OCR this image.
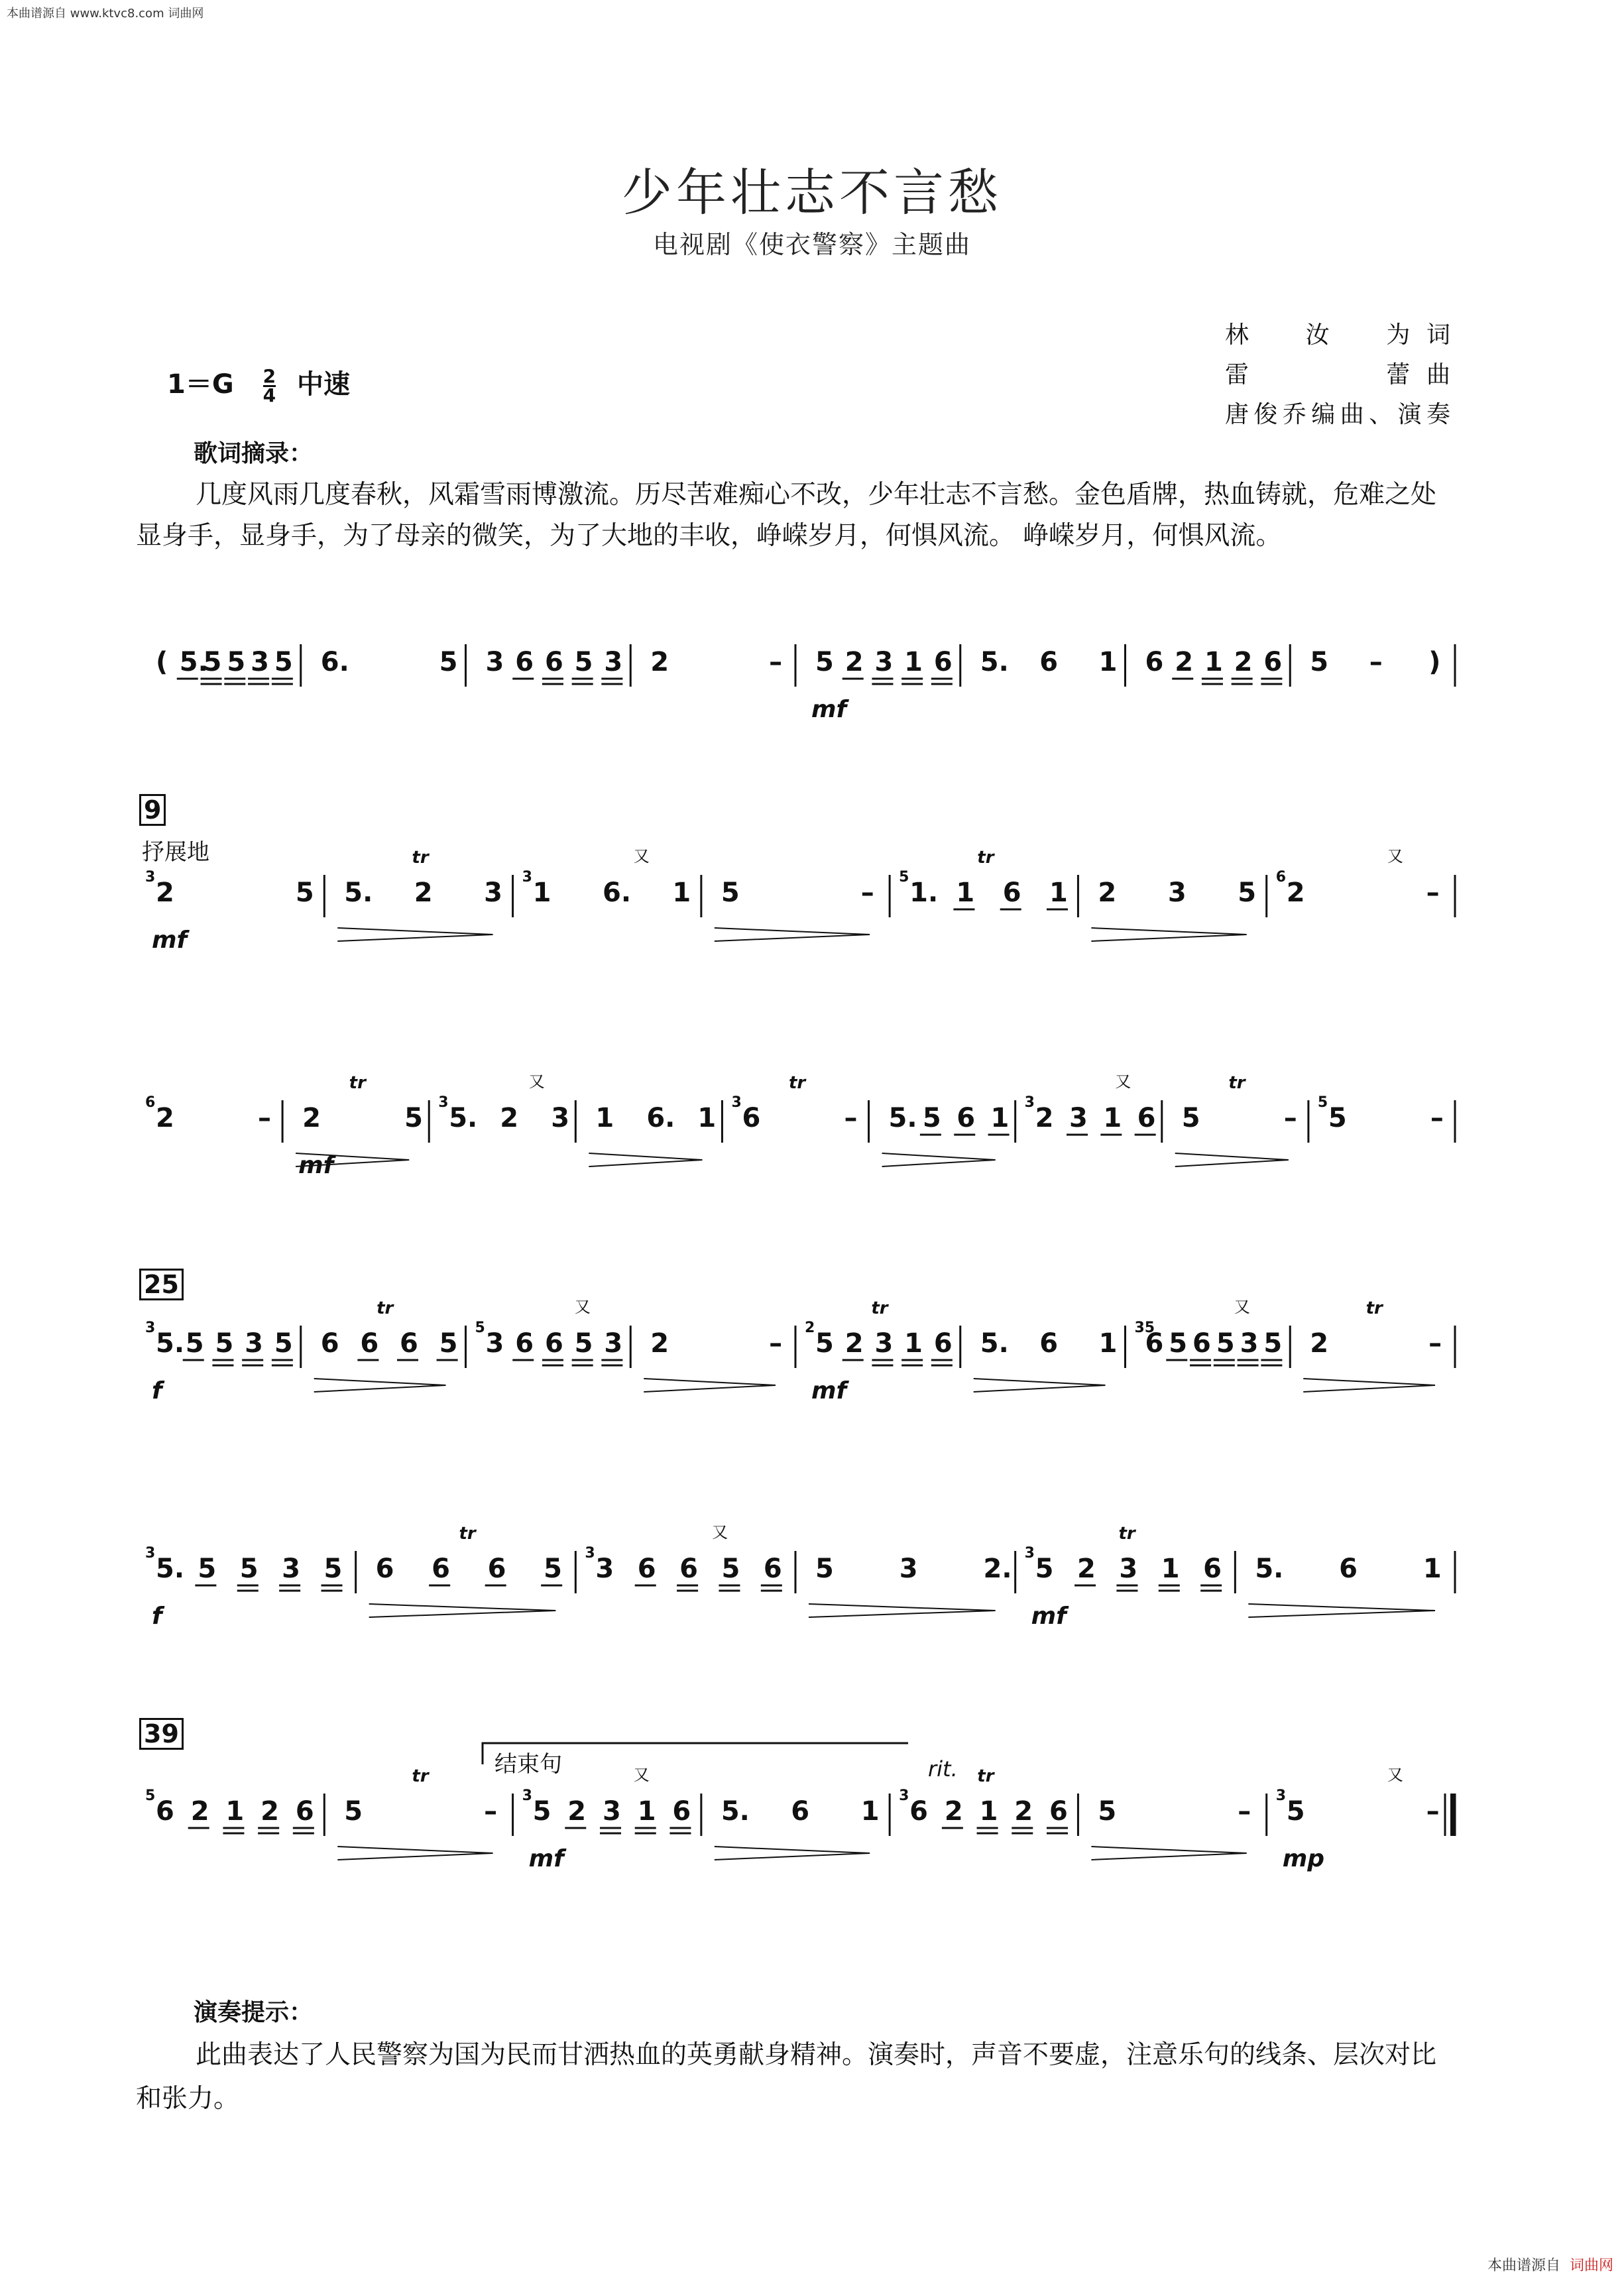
本曲谱源自 www.ktvc8.com 词曲网
少年壮志不言愁
电视剧《使衣警察》主题曲
林　汝　为词
雷　　　蕾曲
唐俊乔编曲、演奏
$1=G \frac{2}{4}$ 中速
歌词摘录：
几度风雨几度春秋，风霜雪雨博激流。历尽苦难痴心不改，少年壮志不言愁。金色盾牌，热血铸就，危难之处显身手，显身手，为了母亲的微笑，为了大地的丰收，峥嵘岁月，何惧风流。 峥嵘岁月，何惧风流。
9
25
39
抒展地
结束句
( 5.
5 5 3 5 6.	5 3 6 6 5 3 2	– 5 2 3 1 6
mf
5. 6 1 6 2 1 2 6 5 – )
2	5
3
mf
5. 2 3
tr
1 6. 1
3
又
5	– 1. 1 6 1
5
tr
2 3 5 2	–
6
又
2	–
6
2	5
tr
mf
5. 2 3
3
又
1 6. 1 6	–
3
tr
5. 5 6 1 2 3 1 6
3
又
5	–
tr
5	–
5
5. 5 5 3 5
3
f
6 6 6 5
tr
3 6 6 5 3
5
又
2	– 5 2 3 1 6
2
tr
mf
5. 6 1 6 5 6 5 3 5
35
又
2	–
tr
5. 5 5 3 5
3
f
6 6 6 5
tr
3 6 6 5 6
3
又
5 3 2. 5 2 3 1 6
3
tr
mf
5. 6 1
6 2 1 2 6
5
5	–
tr
5 2 3 1 6
3
又
mf
5. 6 1 6 2 1 2 6
3
tr
5	– 5	–
3
又
mp
rit.
演奏提示：
此曲表达了人民警察为国为民而甘洒热血的英勇献身精神。演奏时，声音不要虚，注意乐句的线条、层次对比和张力。
本曲谱源自 词曲网
